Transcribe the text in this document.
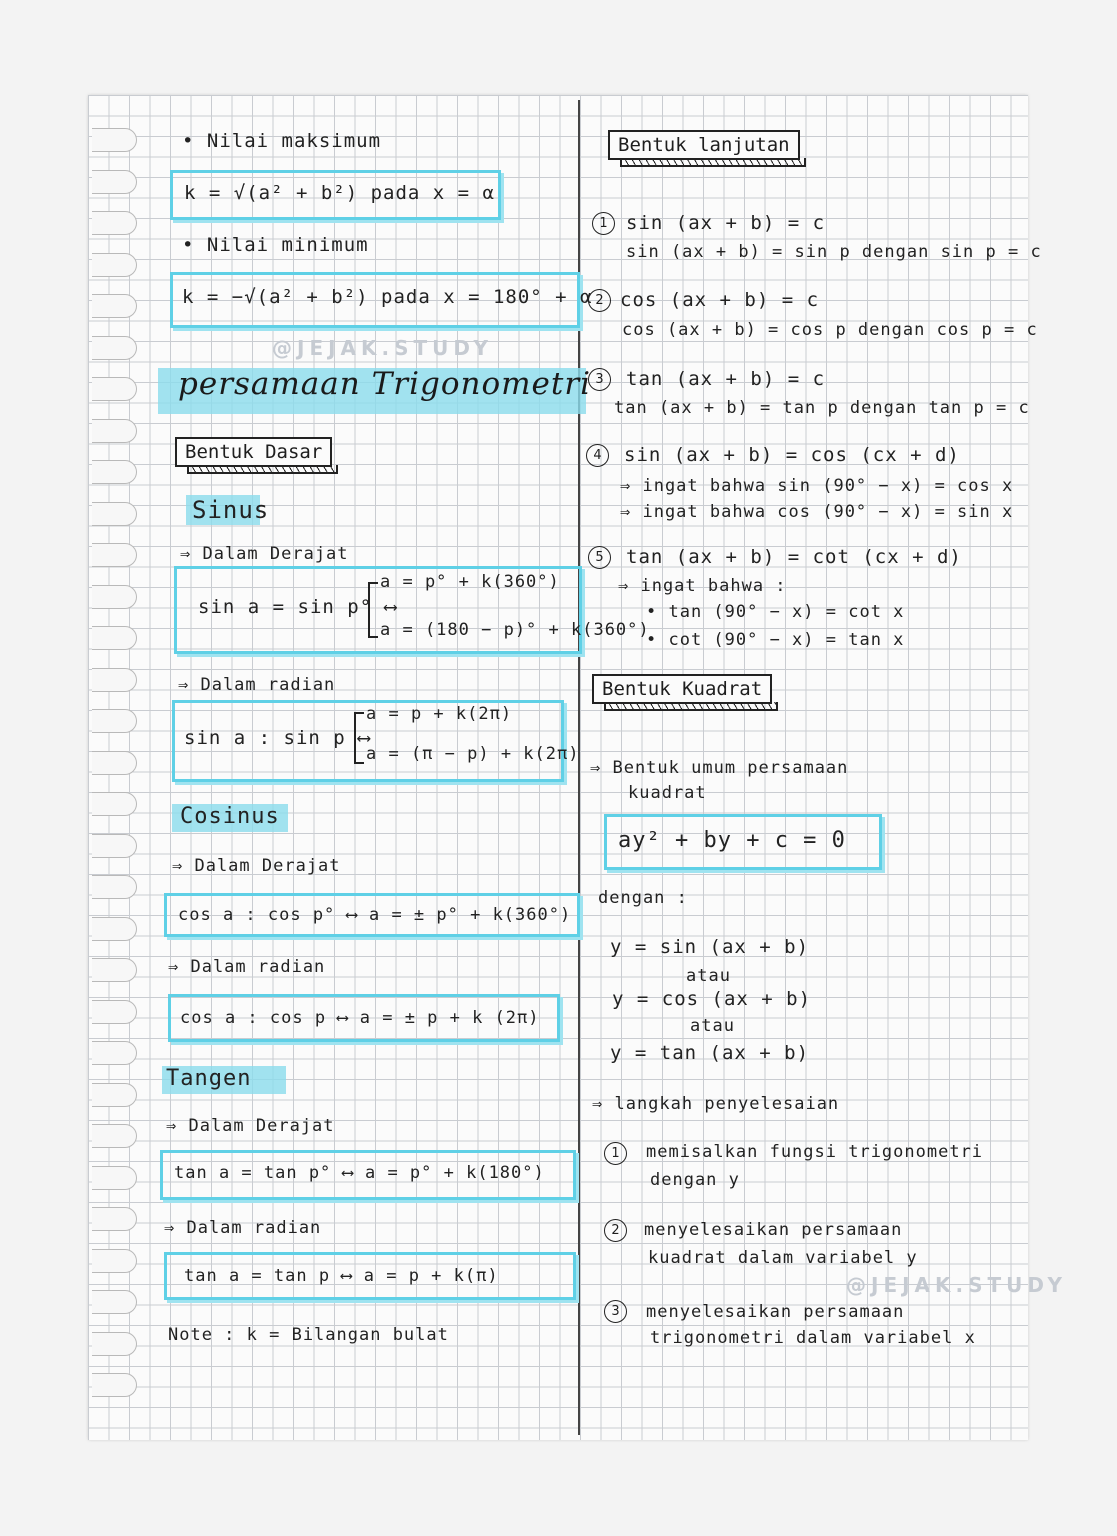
@JEJAK.STUDY
@JEJAK.STUDY
• Nilai maksimum
k = √(a² + b²) pada x = α
• Nilai minimum
k = −√(a² + b²) pada x = 180° + α
persamaan Trigonometri
Bentuk Dasar
Sinus
⇒ Dalam Derajat
sin a = sin p° ⟷
a = p° + k(360°)
a = (180 − p)° + k(360°)
⇒ Dalam radian
sin a : sin p ⟷
a = p + k(2π)
a = (π − p) + k(2π)
Cosinus
⇒ Dalam Derajat
cos a : cos p° ⟷ a = ± p° + k(360°)
⇒ Dalam radian
cos a : cos p ⟷ a = ± p + k (2π)
Tangen
⇒ Dalam Derajat
tan a = tan p° ⟷ a = p° + k(180°)
⇒ Dalam radian
tan a = tan p ⟷ a = p + k(π)
Note : k = Bilangan bulat
Bentuk lanjutan
1 sin (ax + b) = c
sin (ax + b) = sin p dengan sin p = c
2 cos (ax + b) = c
cos (ax + b) = cos p dengan cos p = c
3	tan (ax + b) = c
tan (ax + b) = tan p dengan tan p = c
4	sin (ax + b) = cos (cx + d)
⇒ ingat bahwa sin (90° − x) = cos x
⇒ ingat bahwa cos (90° − x) = sin x
5	tan (ax + b) = cot (cx + d)
⇒ ingat bahwa :
• tan (90° − x) = cot x
• cot (90° − x) = tan x
Bentuk Kuadrat
⇒ Bentuk umum persamaan
kuadrat
ay² + by + c = 0
dengan :
y = sin (ax + b)
atau
y = cos (ax + b)
atau
y = tan (ax + b)
⇒ langkah penyelesaian
1	memisalkan fungsi trigonometri
dengan y
2	menyelesaikan persamaan
kuadrat dalam variabel y
3	menyelesaikan persamaan
trigonometri dalam variabel x
